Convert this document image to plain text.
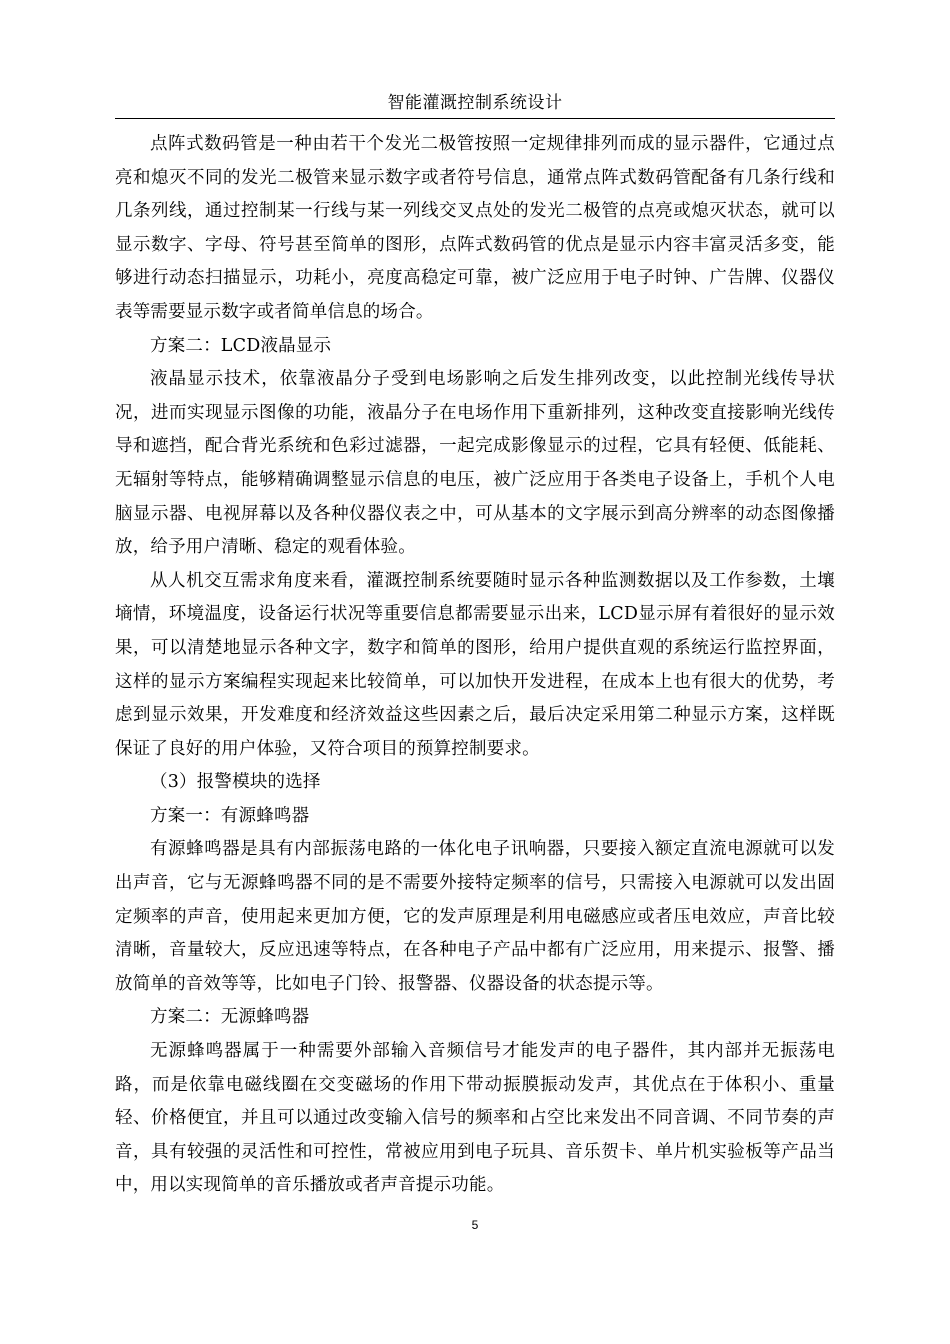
智能灌溉控制系统设计

点阵式数码管是一种由若干个发光二极管按照一定规律排列而成的显示器件，它通过点亮和熄灭不同的发光二极管来显示数字或者符号信息，通常点阵式数码管配备有几条行线和几条列线，通过控制某一行线与某一列线交叉点处的发光二极管的点亮或熄灭状态，就可以显示数字、字母、符号甚至简单的图形，点阵式数码管的优点是显示内容丰富灵活多变，能够进行动态扫描显示，功耗小，亮度高稳定可靠，被广泛应用于电子时钟、广告牌、仪器仪表等需要显示数字或者简单信息的场合。

方案二：LCD液晶显示

液晶显示技术，依靠液晶分子受到电场影响之后发生排列改变，以此控制光线传导状况，进而实现显示图像的功能，液晶分子在电场作用下重新排列，这种改变直接影响光线传导和遮挡，配合背光系统和色彩过滤器，一起完成影像显示的过程，它具有轻便、低能耗、无辐射等特点，能够精确调整显示信息的电压，被广泛应用于各类电子设备上，手机个人电脑显示器、电视屏幕以及各种仪器仪表之中，可从基本的文字展示到高分辨率的动态图像播放，给予用户清晰、稳定的观看体验。

从人机交互需求角度来看，灌溉控制系统要随时显示各种监测数据以及工作参数，土壤墒情，环境温度，设备运行状况等重要信息都需要显示出来，LCD显示屏有着很好的显示效果，可以清楚地显示各种文字，数字和简单的图形，给用户提供直观的系统运行监控界面，这样的显示方案编程实现起来比较简单，可以加快开发进程，在成本上也有很大的优势，考虑到显示效果，开发难度和经济效益这些因素之后，最后决定采用第二种显示方案，这样既保证了良好的用户体验，又符合项目的预算控制要求。

（3）报警模块的选择

方案一：有源蜂鸣器

有源蜂鸣器是具有内部振荡电路的一体化电子讯响器，只要接入额定直流电源就可以发出声音，它与无源蜂鸣器不同的是不需要外接特定频率的信号，只需接入电源就可以发出固定频率的声音，使用起来更加方便，它的发声原理是利用电磁感应或者压电效应，声音比较清晰，音量较大，反应迅速等特点，在各种电子产品中都有广泛应用，用来提示、报警、播放简单的音效等等，比如电子门铃、报警器、仪器设备的状态提示等。

方案二：无源蜂鸣器

无源蜂鸣器属于一种需要外部输入音频信号才能发声的电子器件，其内部并无振荡电路，而是依靠电磁线圈在交变磁场的作用下带动振膜振动发声，其优点在于体积小、重量轻、价格便宜，并且可以通过改变输入信号的频率和占空比来发出不同音调、不同节奏的声音，具有较强的灵活性和可控性，常被应用到电子玩具、音乐贺卡、单片机实验板等产品当中，用以实现简单的音乐播放或者声音提示功能。

5
